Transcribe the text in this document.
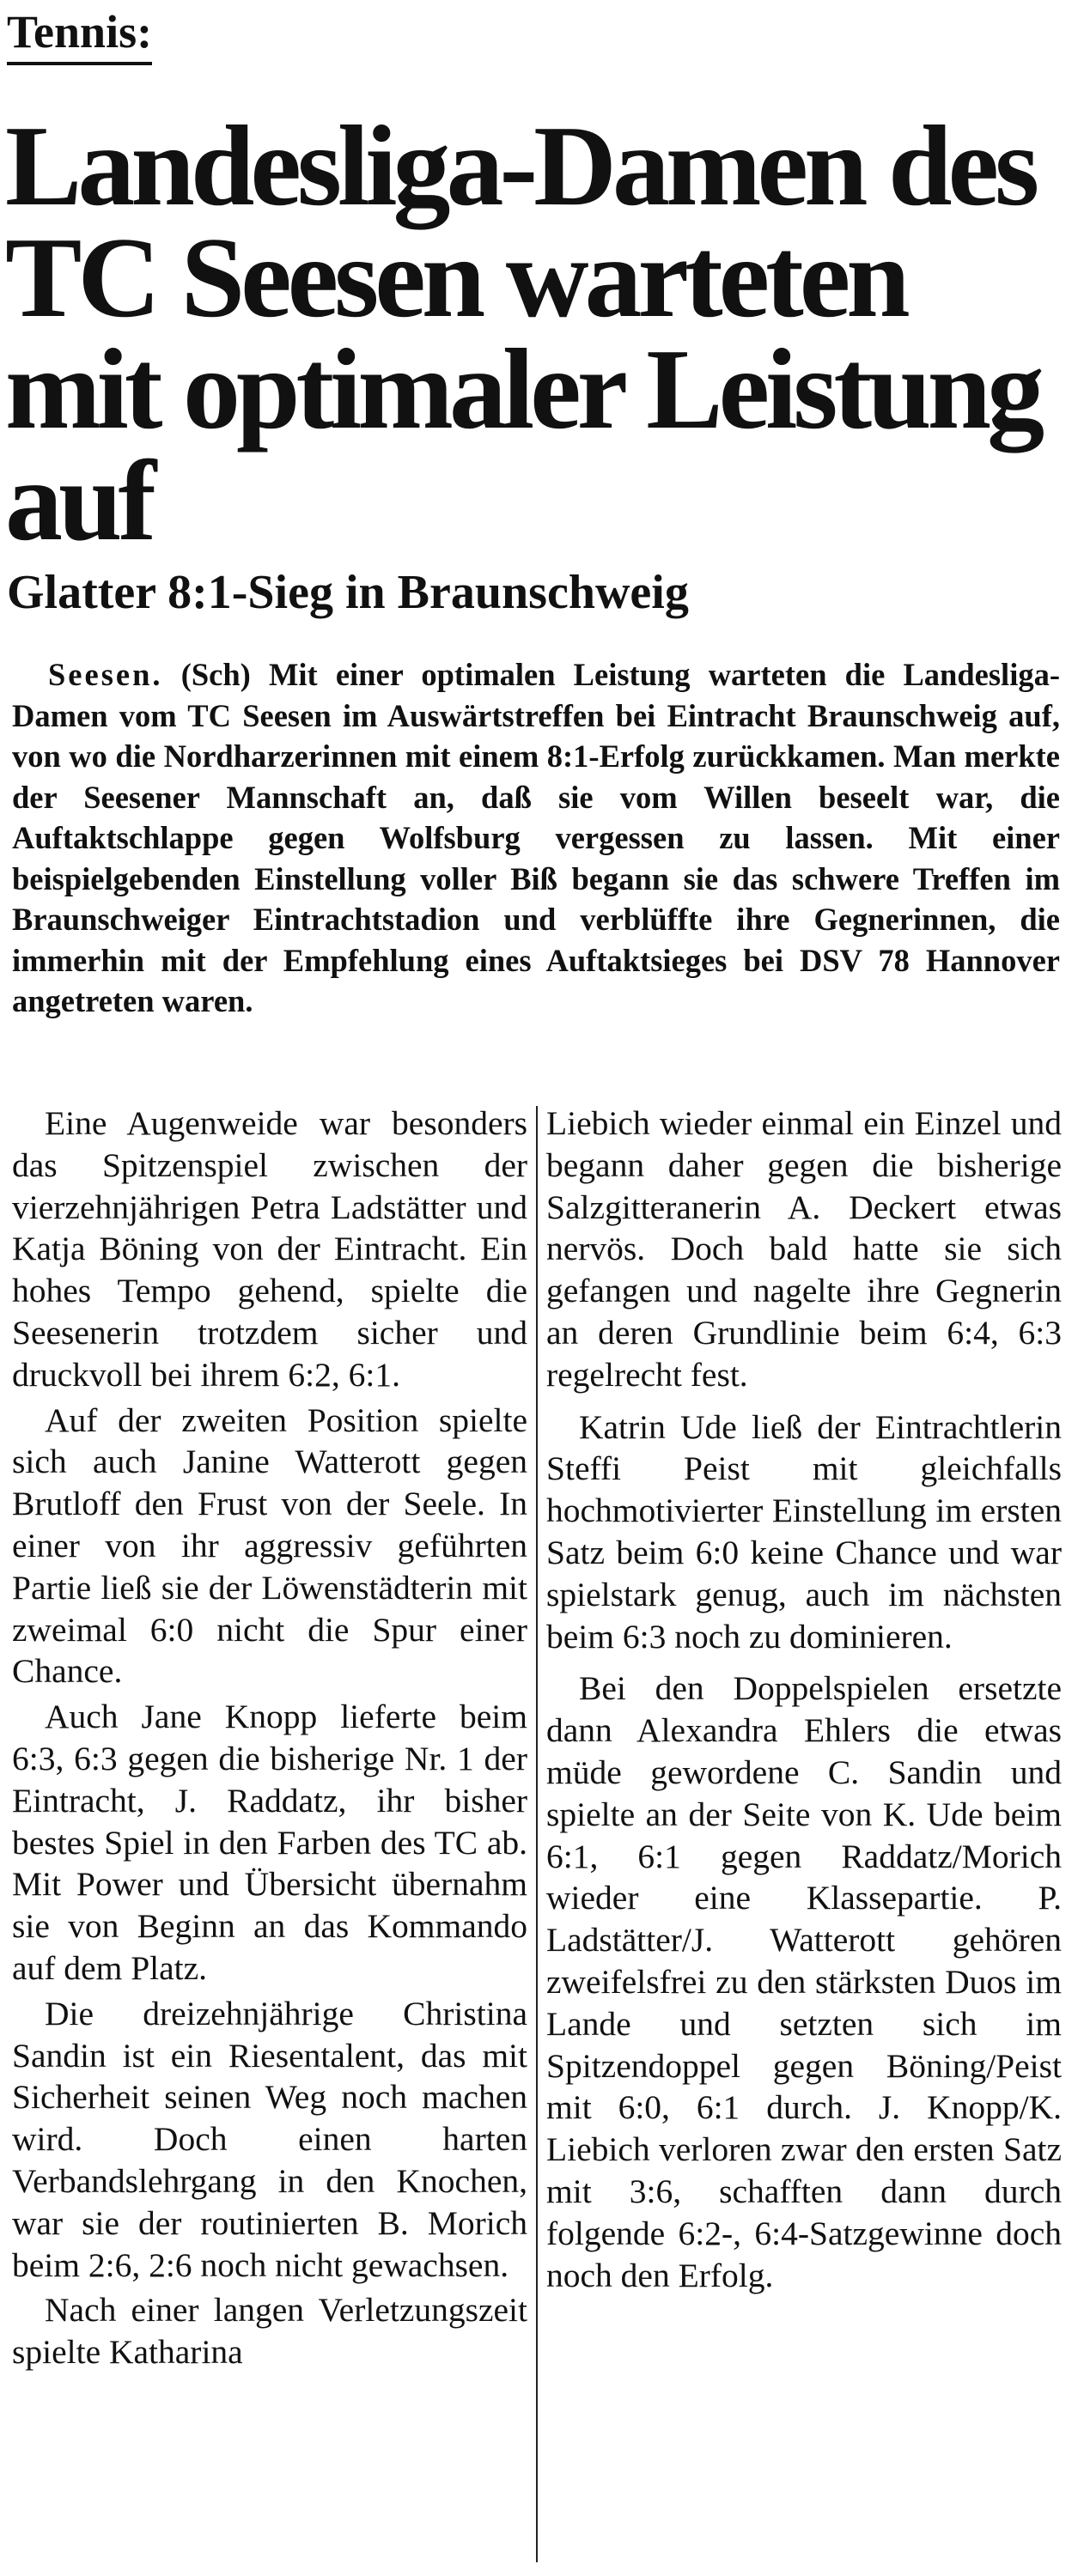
Tennis:
Landesliga-Damen des TC Seesen warteten mit optimaler Leistung auf
Glatter 8:1-Sieg in Braunschweig

Seesen. (Sch) Mit einer optimalen Leistung warteten die Landesliga-Damen vom TC Seesen im Auswärtstreffen bei Eintracht Braunschweig auf, von wo die Nordharzerinnen mit einem 8:1-Erfolg zurückkamen. Man merkte der Seesener Mannschaft an, daß sie vom Willen beseelt war, die Auftaktschlappe gegen Wolfsburg vergessen zu lassen. Mit einer beispielgebenden Einstellung voller Biß begann sie das schwere Treffen im Braunschweiger Eintrachtstadion und verblüffte ihre Gegnerinnen, die immerhin mit der Empfehlung eines Auftaktsieges bei DSV 78 Hannover angetreten waren.

Eine Augenweide war besonders das Spitzenspiel zwischen der vierzehnjährigen Petra Ladstätter und Katja Böning von der Eintracht. Ein hohes Tempo gehend, spielte die Seesenerin trotzdem sicher und druckvoll bei ihrem 6:2, 6:1.

Auf der zweiten Position spielte sich auch Janine Watterott gegen Brutloff den Frust von der Seele. In einer von ihr aggressiv geführten Partie ließ sie der Löwenstädterin mit zweimal 6:0 nicht die Spur einer Chance.

Auch Jane Knopp lieferte beim 6:3, 6:3 gegen die bisherige Nr. 1 der Eintracht, J. Raddatz, ihr bisher bestes Spiel in den Farben des TC ab. Mit Power und Übersicht übernahm sie von Beginn an das Kommando auf dem Platz.

Die dreizehnjährige Christina Sandin ist ein Riesentalent, das mit Sicherheit seinen Weg noch machen wird. Doch einen harten Verbandslehrgang in den Knochen, war sie der routinierten B. Morich beim 2:6, 2:6 noch nicht gewachsen.

Nach einer langen Verletzungszeit spielte Katharina

Liebich wieder einmal ein Einzel und begann daher gegen die bisherige Salzgitteranerin A. Deckert etwas nervös. Doch bald hatte sie sich gefangen und nagelte ihre Gegnerin an deren Grundlinie beim 6:4, 6:3 regelrecht fest.

Katrin Ude ließ der Eintrachtlerin Steffi Peist mit gleichfalls hochmotivierter Einstellung im ersten Satz beim 6:0 keine Chance und war spielstark genug, auch im nächsten beim 6:3 noch zu dominieren.

Bei den Doppelspielen ersetzte dann Alexandra Ehlers die etwas müde gewordene C. Sandin und spielte an der Seite von K. Ude beim 6:1, 6:1 gegen Raddatz/Morich wieder eine Klassepartie. P. Ladstätter/J. Watterott gehören zweifelsfrei zu den stärksten Duos im Lande und setzten sich im Spitzendoppel gegen Böning/Peist mit 6:0, 6:1 durch. J. Knopp/K. Liebich verloren zwar den ersten Satz mit 3:6, schafften dann durch folgende 6:2-, 6:4-Satzgewinne doch noch den Erfolg.
